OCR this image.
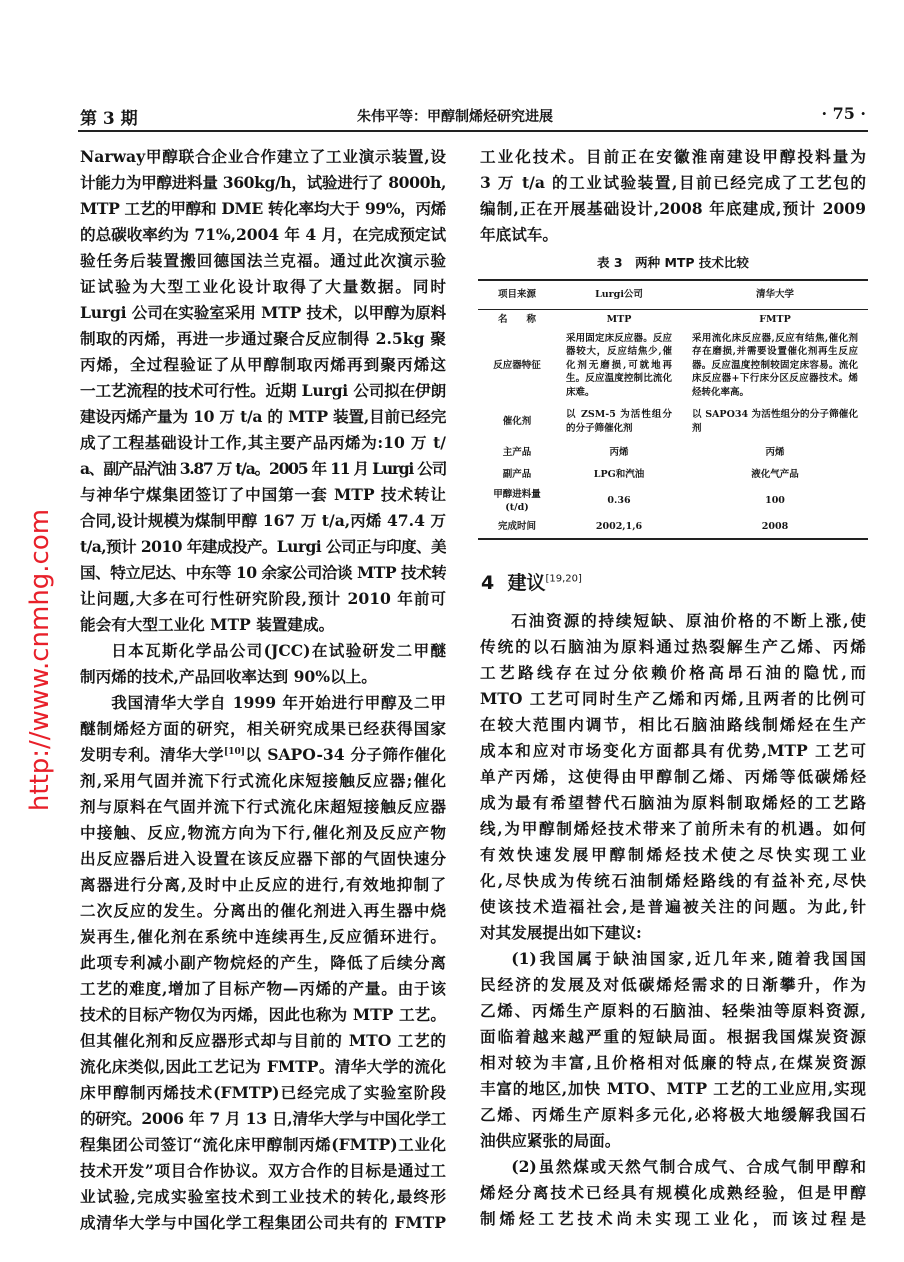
第 3 期	朱伟平等：甲醇制烯烃研究进展	· 75 ·
Narway甲醇联合企业合作建立了工业演示装置,设
计能力为甲醇进料量 360kg/h，试验进行了 8000h,
MTP 工艺的甲醇和 DME 转化率均大于 99%，丙烯
的总碳收率约为 71%,2004 年 4 月，在完成预定试
验任务后装置搬回德国法兰克福。通过此次演示验
证试验为大型工业化设计取得了大量数据。同时
Lurgi 公司在实验室采用 MTP 技术，以甲醇为原料
制取的丙烯，再进一步通过聚合反应制得 2.5kg 聚
丙烯，全过程验证了从甲醇制取丙烯再到聚丙烯这
一工艺流程的技术可行性。近期 Lurgi 公司拟在伊朗
建设丙烯产量为 10 万 t/a 的 MTP 装置,目前已经完
成了工程基础设计工作,其主要产品丙烯为:10 万 t/
a、副产品汽油 3.87 万 t/a。2005 年 11 月 Lurgi 公司
与神华宁煤集团签订了中国第一套 MTP 技术转让
合同,设计规模为煤制甲醇 167 万 t/a,丙烯 47.4 万
t/a,预计 2010 年建成投产。Lurgi 公司正与印度、美
国、特立尼达、中东等 10 余家公司洽谈 MTP 技术转
让问题,大多在可行性研究阶段,预计 2010 年前可
能会有大型工业化 MTP 装置建成。
日本瓦斯化学品公司(JCC)在试验研发二甲醚
制丙烯的技术,产品回收率达到 90%以上。
我国清华大学自 1999 年开始进行甲醇及二甲
醚制烯烃方面的研究，相关研究成果已经获得国家
发明专利。清华大学[10]以 SAPO-34 分子筛作催化
剂,采用气固并流下行式流化床短接触反应器;催化
剂与原料在气固并流下行式流化床超短接触反应器
中接触、反应,物流方向为下行,催化剂及反应产物
出反应器后进入设置在该反应器下部的气固快速分
离器进行分离,及时中止反应的进行,有效地抑制了
二次反应的发生。分离出的催化剂进入再生器中烧
炭再生,催化剂在系统中连续再生,反应循环进行。
此项专利减小副产物烷烃的产生，降低了后续分离
工艺的难度,增加了目标产物—丙烯的产量。由于该
技术的目标产物仅为丙烯，因此也称为 MTP 工艺。
但其催化剂和反应器形式却与目前的 MTO 工艺的
流化床类似,因此工艺记为 FMTP。清华大学的流化
床甲醇制丙烯技术(FMTP)已经完成了实验室阶段
的研究。2006 年 7 月 13 日,清华大学与中国化学工
程集团公司签订“流化床甲醇制丙烯(FMTP)工业化
技术开发”项目合作协议。双方合作的目标是通过工
业试验,完成实验室技术到工业技术的转化,最终形
成清华大学与中国化学工程集团公司共有的 FMTP
工业化技术。目前正在安徽淮南建设甲醇投料量为
3 万 t/a 的工业试验装置,目前已经完成了工艺包的
编制,正在开展基础设计,2008 年底建成,预计 2009
年底试车。
表 3　两种 MTP 技术比较
项目来源	Lurgi公司	清华大学
名　　称	MTP	FMTP
反应器特征	采用固定床反应器。反应器较大，反应结焦少,催化剂无磨损,可就地再生。反应温度控制比流化床难。	采用流化床反应器,反应有结焦,催化剂存在磨损,并需要设置催化剂再生反应器。反应温度控制较固定床容易。流化床反应器+下行床分区反应器技术。烯烃转化率高。
催化剂	以 ZSM-5 为活性组分的分子筛催化剂	以 SAPO34 为活性组分的分子筛催化剂
主产品	丙烯	丙烯
副产品	LPG和汽油	液化气产品
甲醇进料量(t/d)	0.36	100
完成时间	2002,1,6	2008
4 建议[19,20]
石油资源的持续短缺、原油价格的不断上涨,使
传统的以石脑油为原料通过热裂解生产乙烯、丙烯
工艺路线存在过分依赖价格高昂石油的隐忧,而
MTO 工艺可同时生产乙烯和丙烯,且两者的比例可
在较大范围内调节，相比石脑油路线制烯烃在生产
成本和应对市场变化方面都具有优势,MTP 工艺可
单产丙烯，这使得由甲醇制乙烯、丙烯等低碳烯烃
成为最有希望替代石脑油为原料制取烯烃的工艺路
线,为甲醇制烯烃技术带来了前所未有的机遇。如何
有效快速发展甲醇制烯烃技术使之尽快实现工业
化,尽快成为传统石油制烯烃路线的有益补充,尽快
使该技术造福社会,是普遍被关注的问题。为此,针
对其发展提出如下建议:
(1)我国属于缺油国家,近几年来,随着我国国
民经济的发展及对低碳烯烃需求的日渐攀升，作为
乙烯、丙烯生产原料的石脑油、轻柴油等原料资源,
面临着越来越严重的短缺局面。根据我国煤炭资源
相对较为丰富,且价格相对低廉的特点,在煤炭资源
丰富的地区,加快 MTO、MTP 工艺的工业应用,实现
乙烯、丙烯生产原料多元化,必将极大地缓解我国石
油供应紧张的局面。
(2)虽然煤或天然气制合成气、合成气制甲醇和
烯烃分离技术已经具有规模化成熟经验，但是甲醇
制烯烃工艺技术尚未实现工业化，而该过程是
http://www.cnmhg.com
